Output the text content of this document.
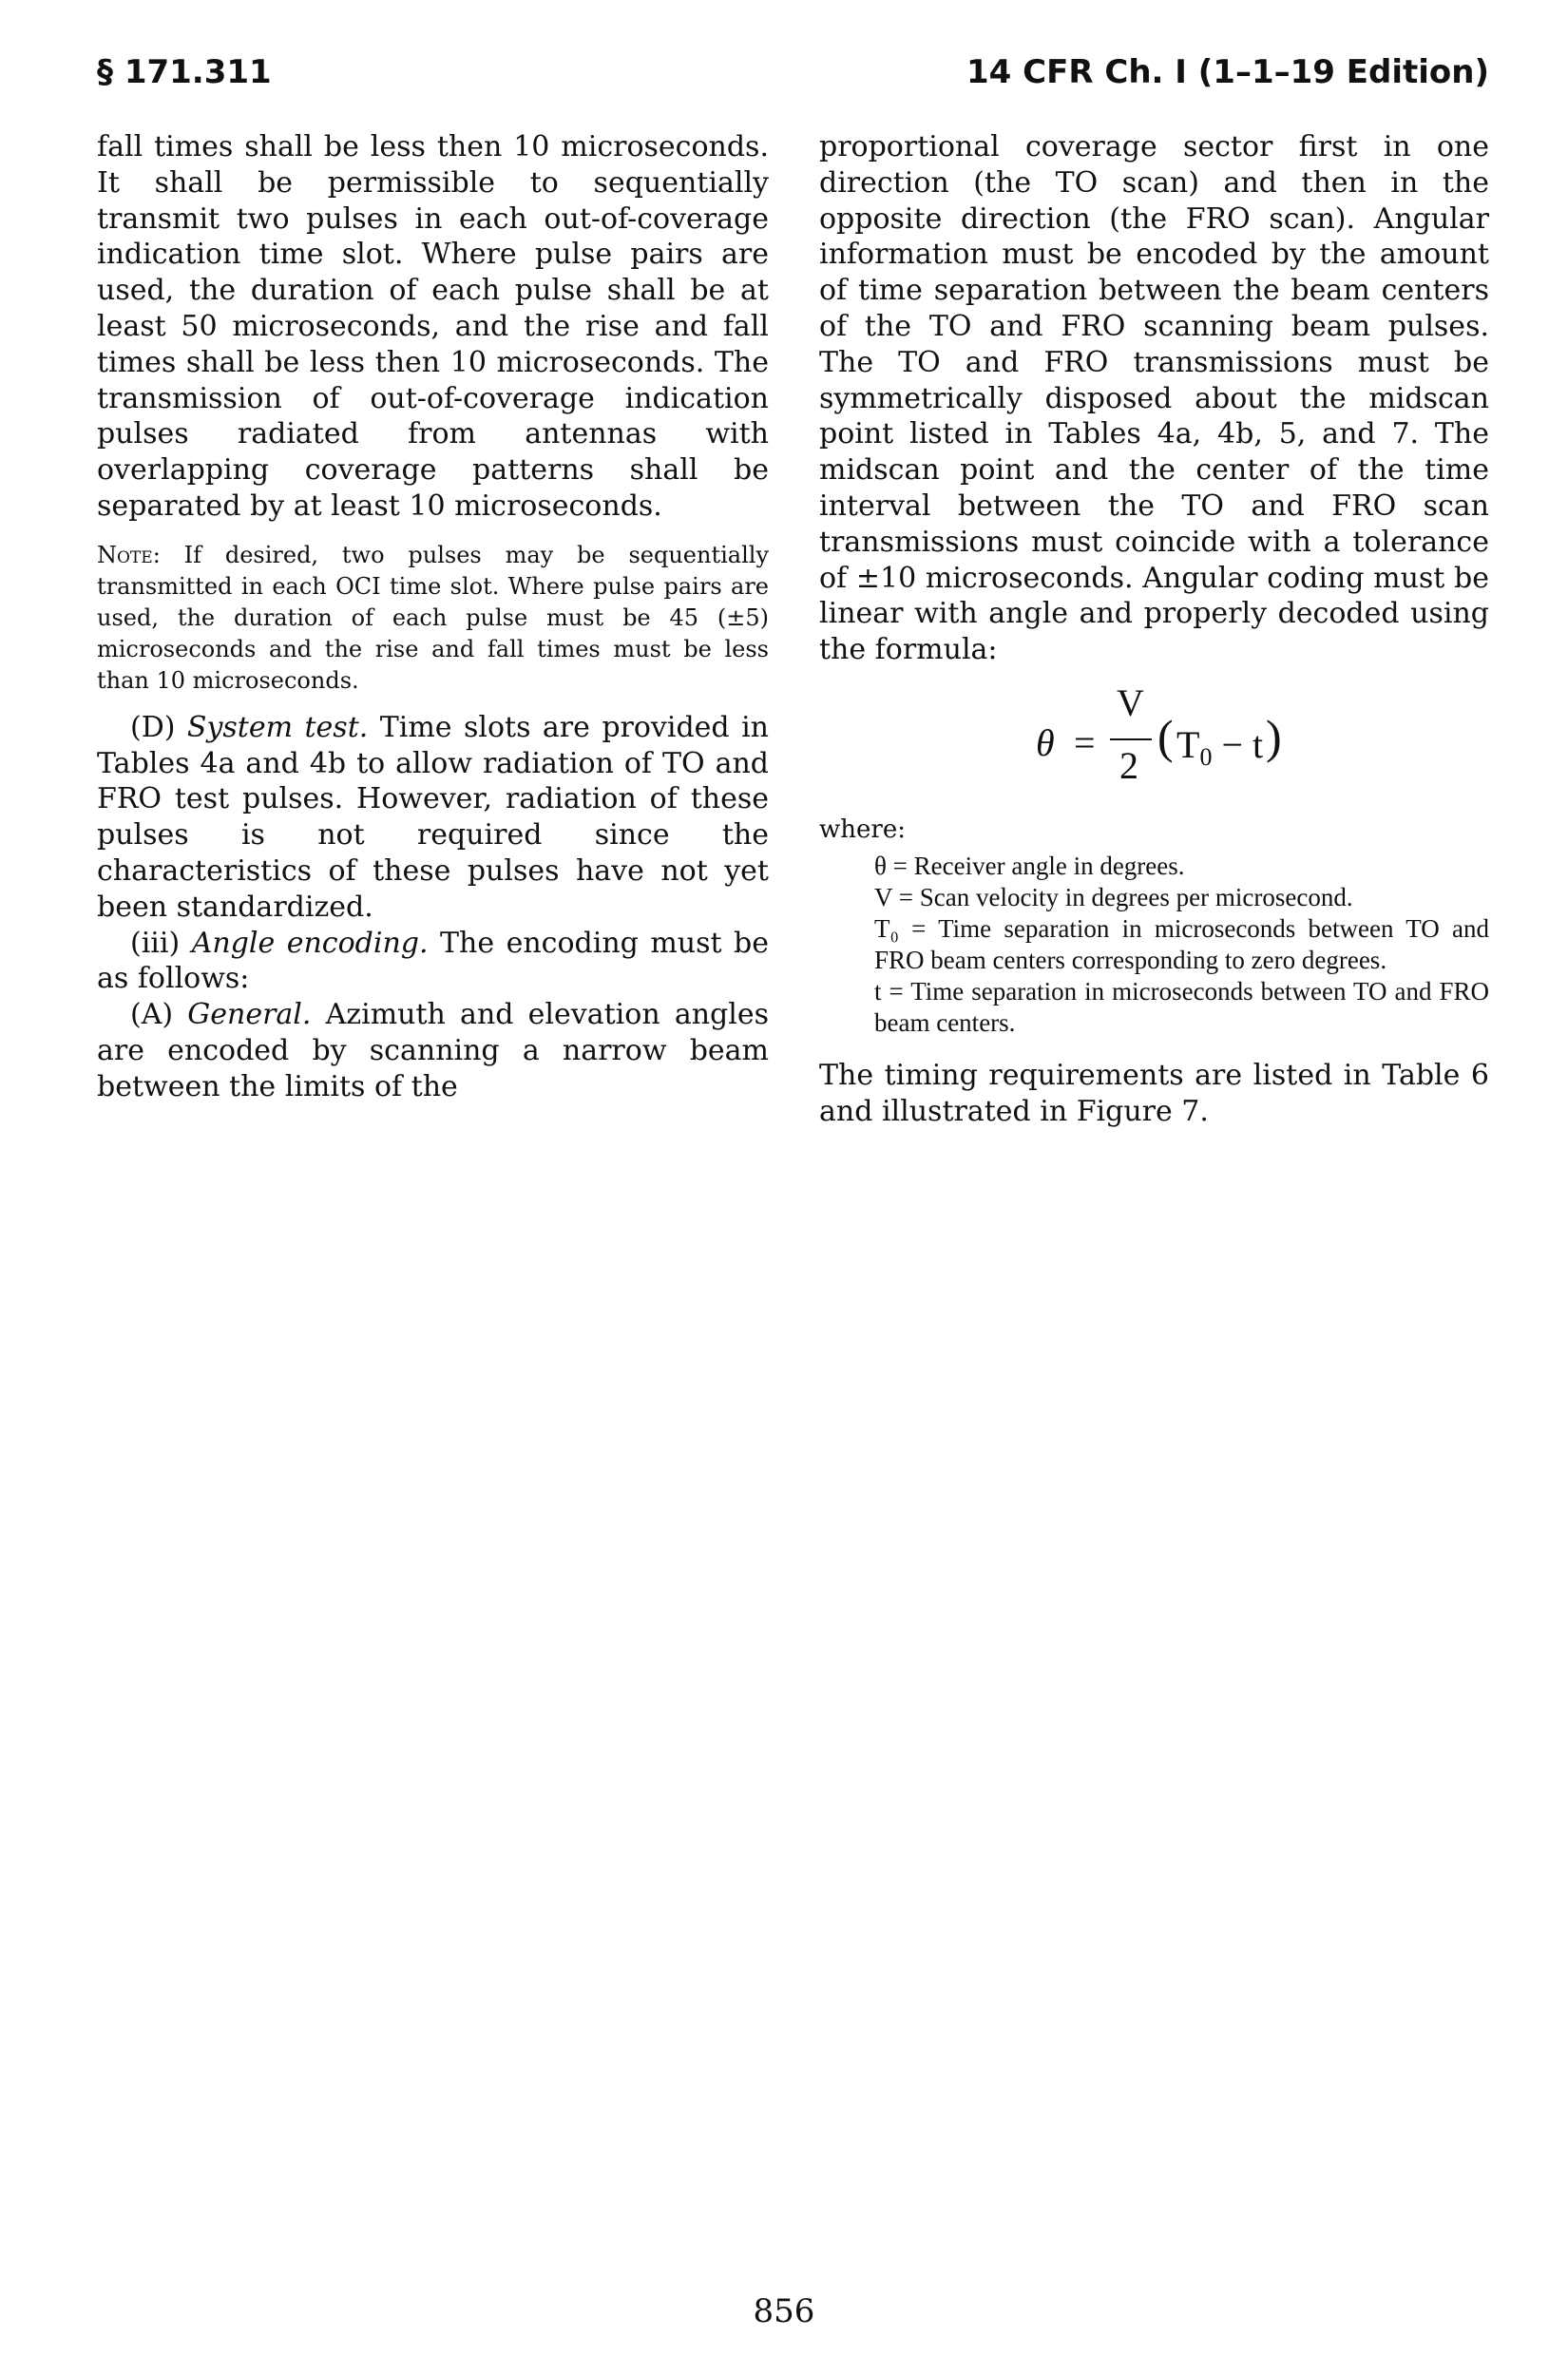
§ 171.311	14 CFR Ch. I (1–1–19 Edition)

fall times shall be less then 10 microseconds. It shall be permissible to sequentially transmit two pulses in each out-of-coverage indication time slot. Where pulse pairs are used, the duration of each pulse shall be at least 50 microseconds, and the rise and fall times shall be less then 10 microseconds. The transmission of out-of-coverage indication pulses radiated from antennas with overlapping coverage patterns shall be separated by at least 10 microseconds.

Note: If desired, two pulses may be sequentially transmitted in each OCI time slot. Where pulse pairs are used, the duration of each pulse must be 45 (±5) microseconds and the rise and fall times must be less than 10 microseconds.

(D) System test. Time slots are provided in Tables 4a and 4b to allow radiation of TO and FRO test pulses. However, radiation of these pulses is not required since the characteristics of these pulses have not yet been standardized.

(iii) Angle encoding. The encoding must be as follows:

(A) General. Azimuth and elevation angles are encoded by scanning a narrow beam between the limits of the

proportional coverage sector first in one direction (the TO scan) and then in the opposite direction (the FRO scan). Angular information must be encoded by the amount of time separation between the beam centers of the TO and FRO scanning beam pulses. The TO and FRO transmissions must be symmetrically disposed about the midscan point listed in Tables 4a, 4b, 5, and 7. The midscan point and the center of the time interval between the TO and FRO scan transmissions must coincide with a tolerance of ±10 microseconds. Angular coding must be linear with angle and properly decoded using the formula:

θ =
V
2
( $T_0 - t$ )

where:

θ = Receiver angle in degrees.

V = Scan velocity in degrees per microsecond.

T₀ = Time separation in microseconds between TO and FRO beam centers corresponding to zero degrees.

t = Time separation in microseconds between TO and FRO beam centers.

The timing requirements are listed in Table 6 and illustrated in Figure 7.

856
